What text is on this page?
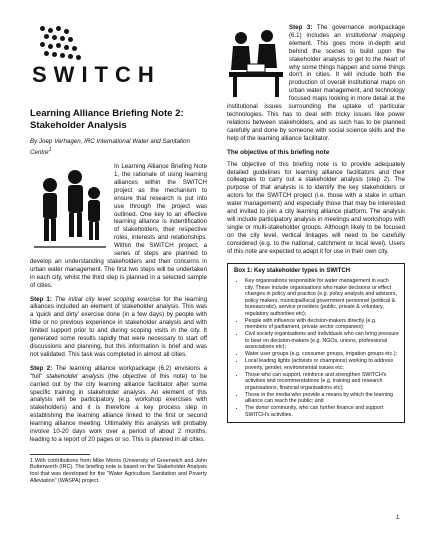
SWITCH
Learning Alliance Briefing Note 2: Stakeholder Analysis
By Joep Verhagen, IRC International Water and Sanitation Centre$^1$

In Learning Alliance Briefing Note 1, the rationale of using learning alliances within the SWITCH project as the mechanism to ensure that research is put into use through the project was outlined. One key to an effective learning alliance is indentification of stakeholders, their respective roles, interests and relationships. Within the SWITCH project, a series of steps are planned to develop an understanding stakeholders and their concerns in urban water management. The first two steps will be undertaken in each city, whilst the third step is planned in a selected sample of cities.

Step 1: The initial city level scoping exercise for the learning alliances included an element of stakeholder analysis. This was a 'quick and dirty' exercise done (in a few days) by people with little or no previous experience in stakeholder analysis and with limited support prior to and during scoping visits in the city. It generated some results rapidly that were necessary to start off discussions and planning, but this information is brief and was not validated. This task was completed in almost all cities.

Step 2: The learning alliance workpackage (6.2) envisions a "full" stakeholder analysis (the objective of this note) to be carried out by the city learning alliance facilitator after some specific training in stakeholder analysis. An element of this analysis will be participatory (e.g. workshop exercises with stakeholders) and it is therefore a key process step in establishing the learning alliance linked to the first or second learning alliance meeting. Ultimately this analysis will probably involve 10-20 days work over a period of about 2 months, leading to a report of 20 pages or so. This is planned in all cities.

1 With contributions from Mike Morris (University of Greenwich and John Butterworth (IRC). The briefing note is based on the Stakeholder Analysis tool that was developed for the "Water Agriculture Sanitation and Poverty Alleviation" (WASPA) project.

Step 3: The governance workpackage (6.1) includes an institutional mapping element. This goes more in-depth and behind the scenes to build upon the stakeholder analysis to get to the heart of why some things happen and some things don't in cities. It will include both the production of overall institutional maps on urban water management, and technology focused maps looking in more detail at the institutional issues surrounding the uptake of particular technologies. This has to deal with tricky issues like power relations between stakeholders, and as such has to be planned carefully and done by someone with social science skills and the help of the learning alliance facilitator.

The objective of this briefing note

The objective of this briefing note is to provide adequately detailed guidelines for learning alliance facilitators and their colleagues to carry out a stakeholder analysis (step 2). The purpose of that analysis is to identify the key stakeholders or actors for the SWITCH project (i.e. those with a stake in urban water management) and especially those that may be interested and invited to join a city learning alliance platform. The analysis will include participatory analysis in meetings and workshops with single or multi-stakeholder groups. Although likely to be focused on the city level, vertical linkages will need to be carefully considered (e.g. to the national, catchment or local level). Users of this note are expected to adapt it for use in their own city.

Box 1: Key stakeholder types in SWITCH
• Key organisations responsible for water management in each city. These include organisations who make decisions or effect changes in policy and practice (e.g. policy analysts and advisors, policy makers, municipal/local government personnel (political & bureaucratic), service providers (public, private & voluntary, regulatory authorities etc);
• People with influence with decision-makers directly (e.g. members of parliament, private sector companies);
• Civil society organisations and individuals who can bring pressure to bear on decision-makers (e.g. NGOs, unions, professional associations etc);
• Water user groups (e.g. consumer groups, irrigation groups etc.);
• Local leading lights (activists or champions) working to address poverty, gender, environmental issues etc;
• Those who can support, reinforce and strengthen SWITCH's activities and recommendations (e.g. training and research organisations, financial organisations etc);
• Those in the media who provide a means by which the learning alliance can reach the public; and
• The donor community, who can further finance and support SWITCH's activities.
1
